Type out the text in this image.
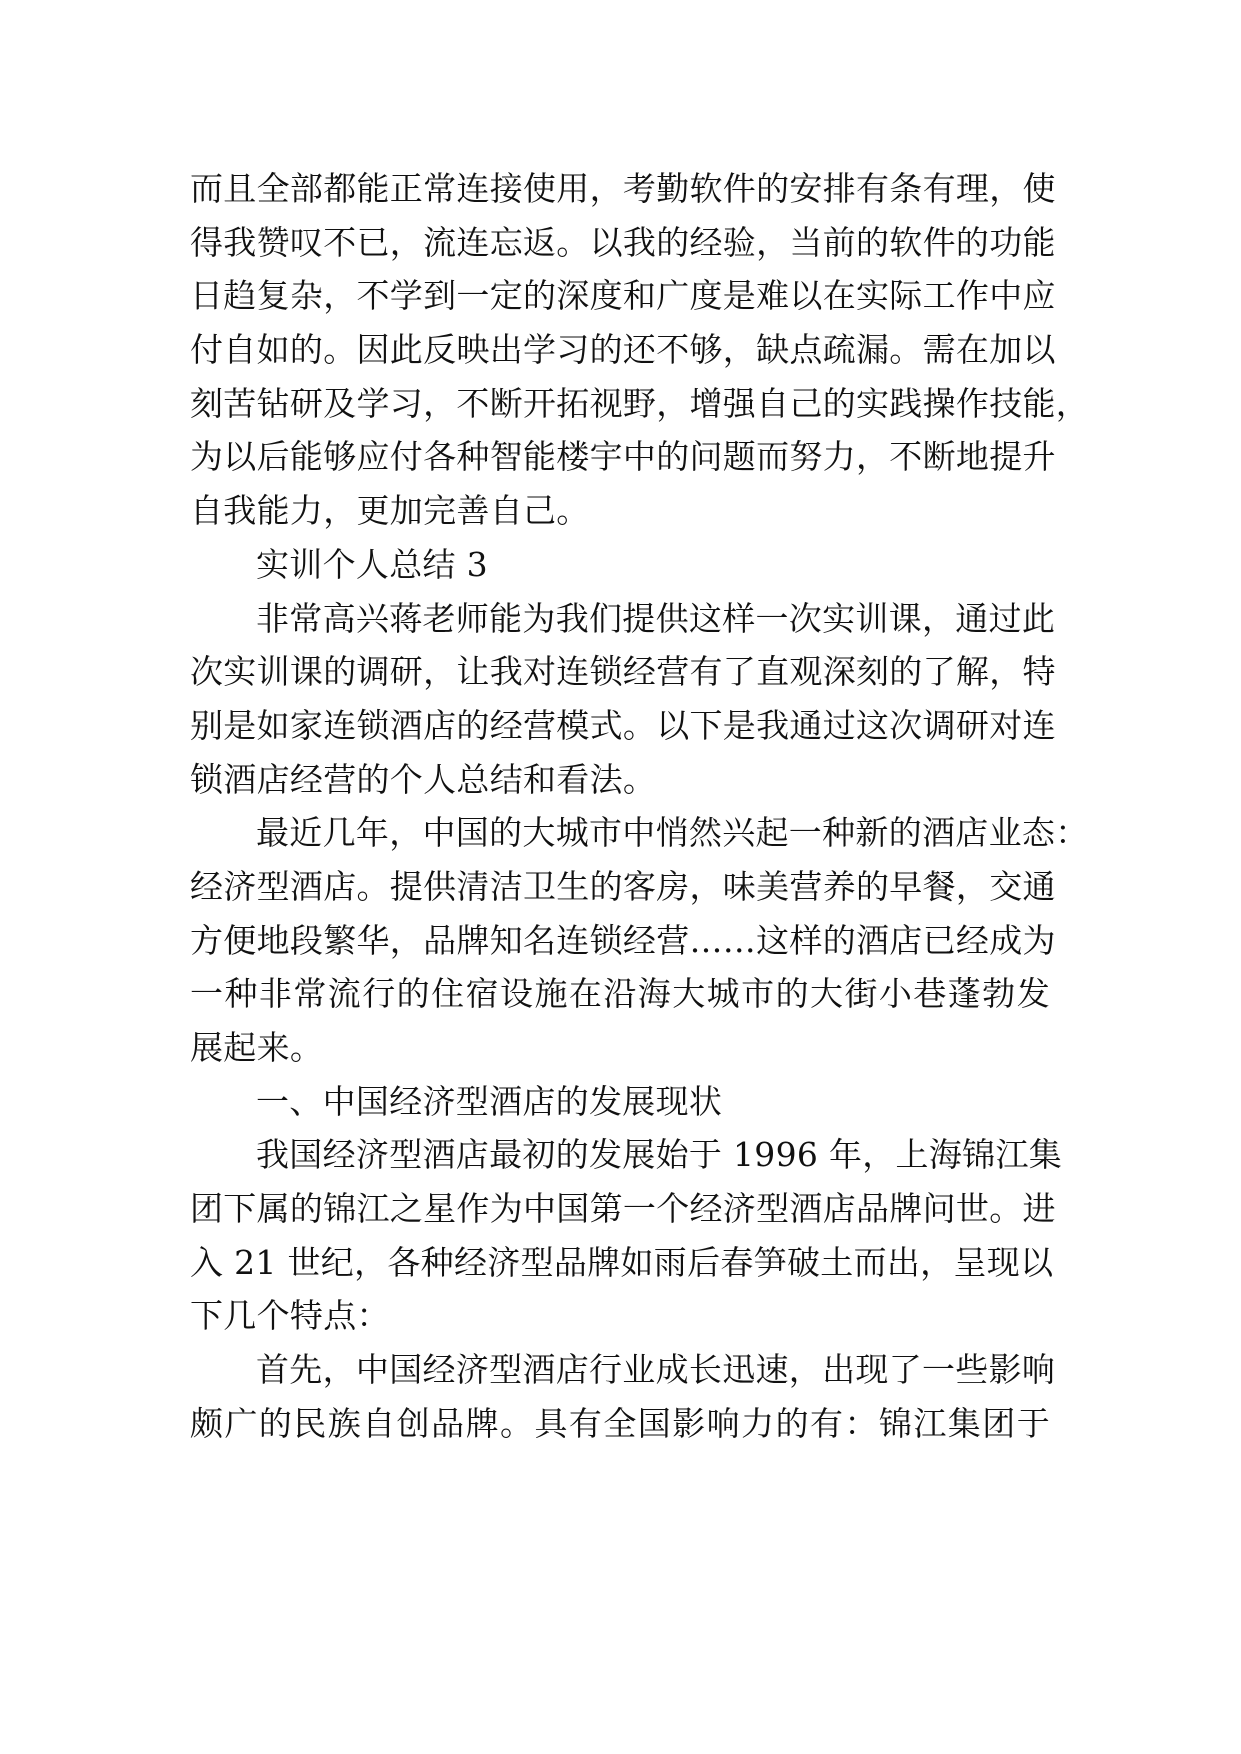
而且全部都能正常连接使用，考勤软件的安排有条有理，使
得我赞叹不已，流连忘返。以我的经验，当前的软件的功能
日趋复杂，不学到一定的深度和广度是难以在实际工作中应
付自如的。因此反映出学习的还不够，缺点疏漏。需在加以
刻苦钻研及学习，不断开拓视野，增强自己的实践操作技能，
为以后能够应付各种智能楼宇中的问题而努力，不断地提升
自我能力，更加完善自己。
实训个人总结 3
非常高兴蒋老师能为我们提供这样一次实训课，通过此
次实训课的调研，让我对连锁经营有了直观深刻的了解，特
别是如家连锁酒店的经营模式。以下是我通过这次调研对连
锁酒店经营的个人总结和看法。
最近几年，中国的大城市中悄然兴起一种新的酒店业态：
经济型酒店。提供清洁卫生的客房，味美营养的早餐，交通
方便地段繁华，品牌知名连锁经营……这样的酒店已经成为
一种非常流行的住宿设施在沿海大城市的大街小巷蓬勃发
展起来。
一、中国经济型酒店的发展现状
我国经济型酒店最初的发展始于 1996 年，上海锦江集
团下属的锦江之星作为中国第一个经济型酒店品牌问世。进
入 21 世纪，各种经济型品牌如雨后春笋破土而出，呈现以
下几个特点：
首先，中国经济型酒店行业成长迅速，出现了一些影响
颇广的民族自创品牌。具有全国影响力的有：锦江集团于
